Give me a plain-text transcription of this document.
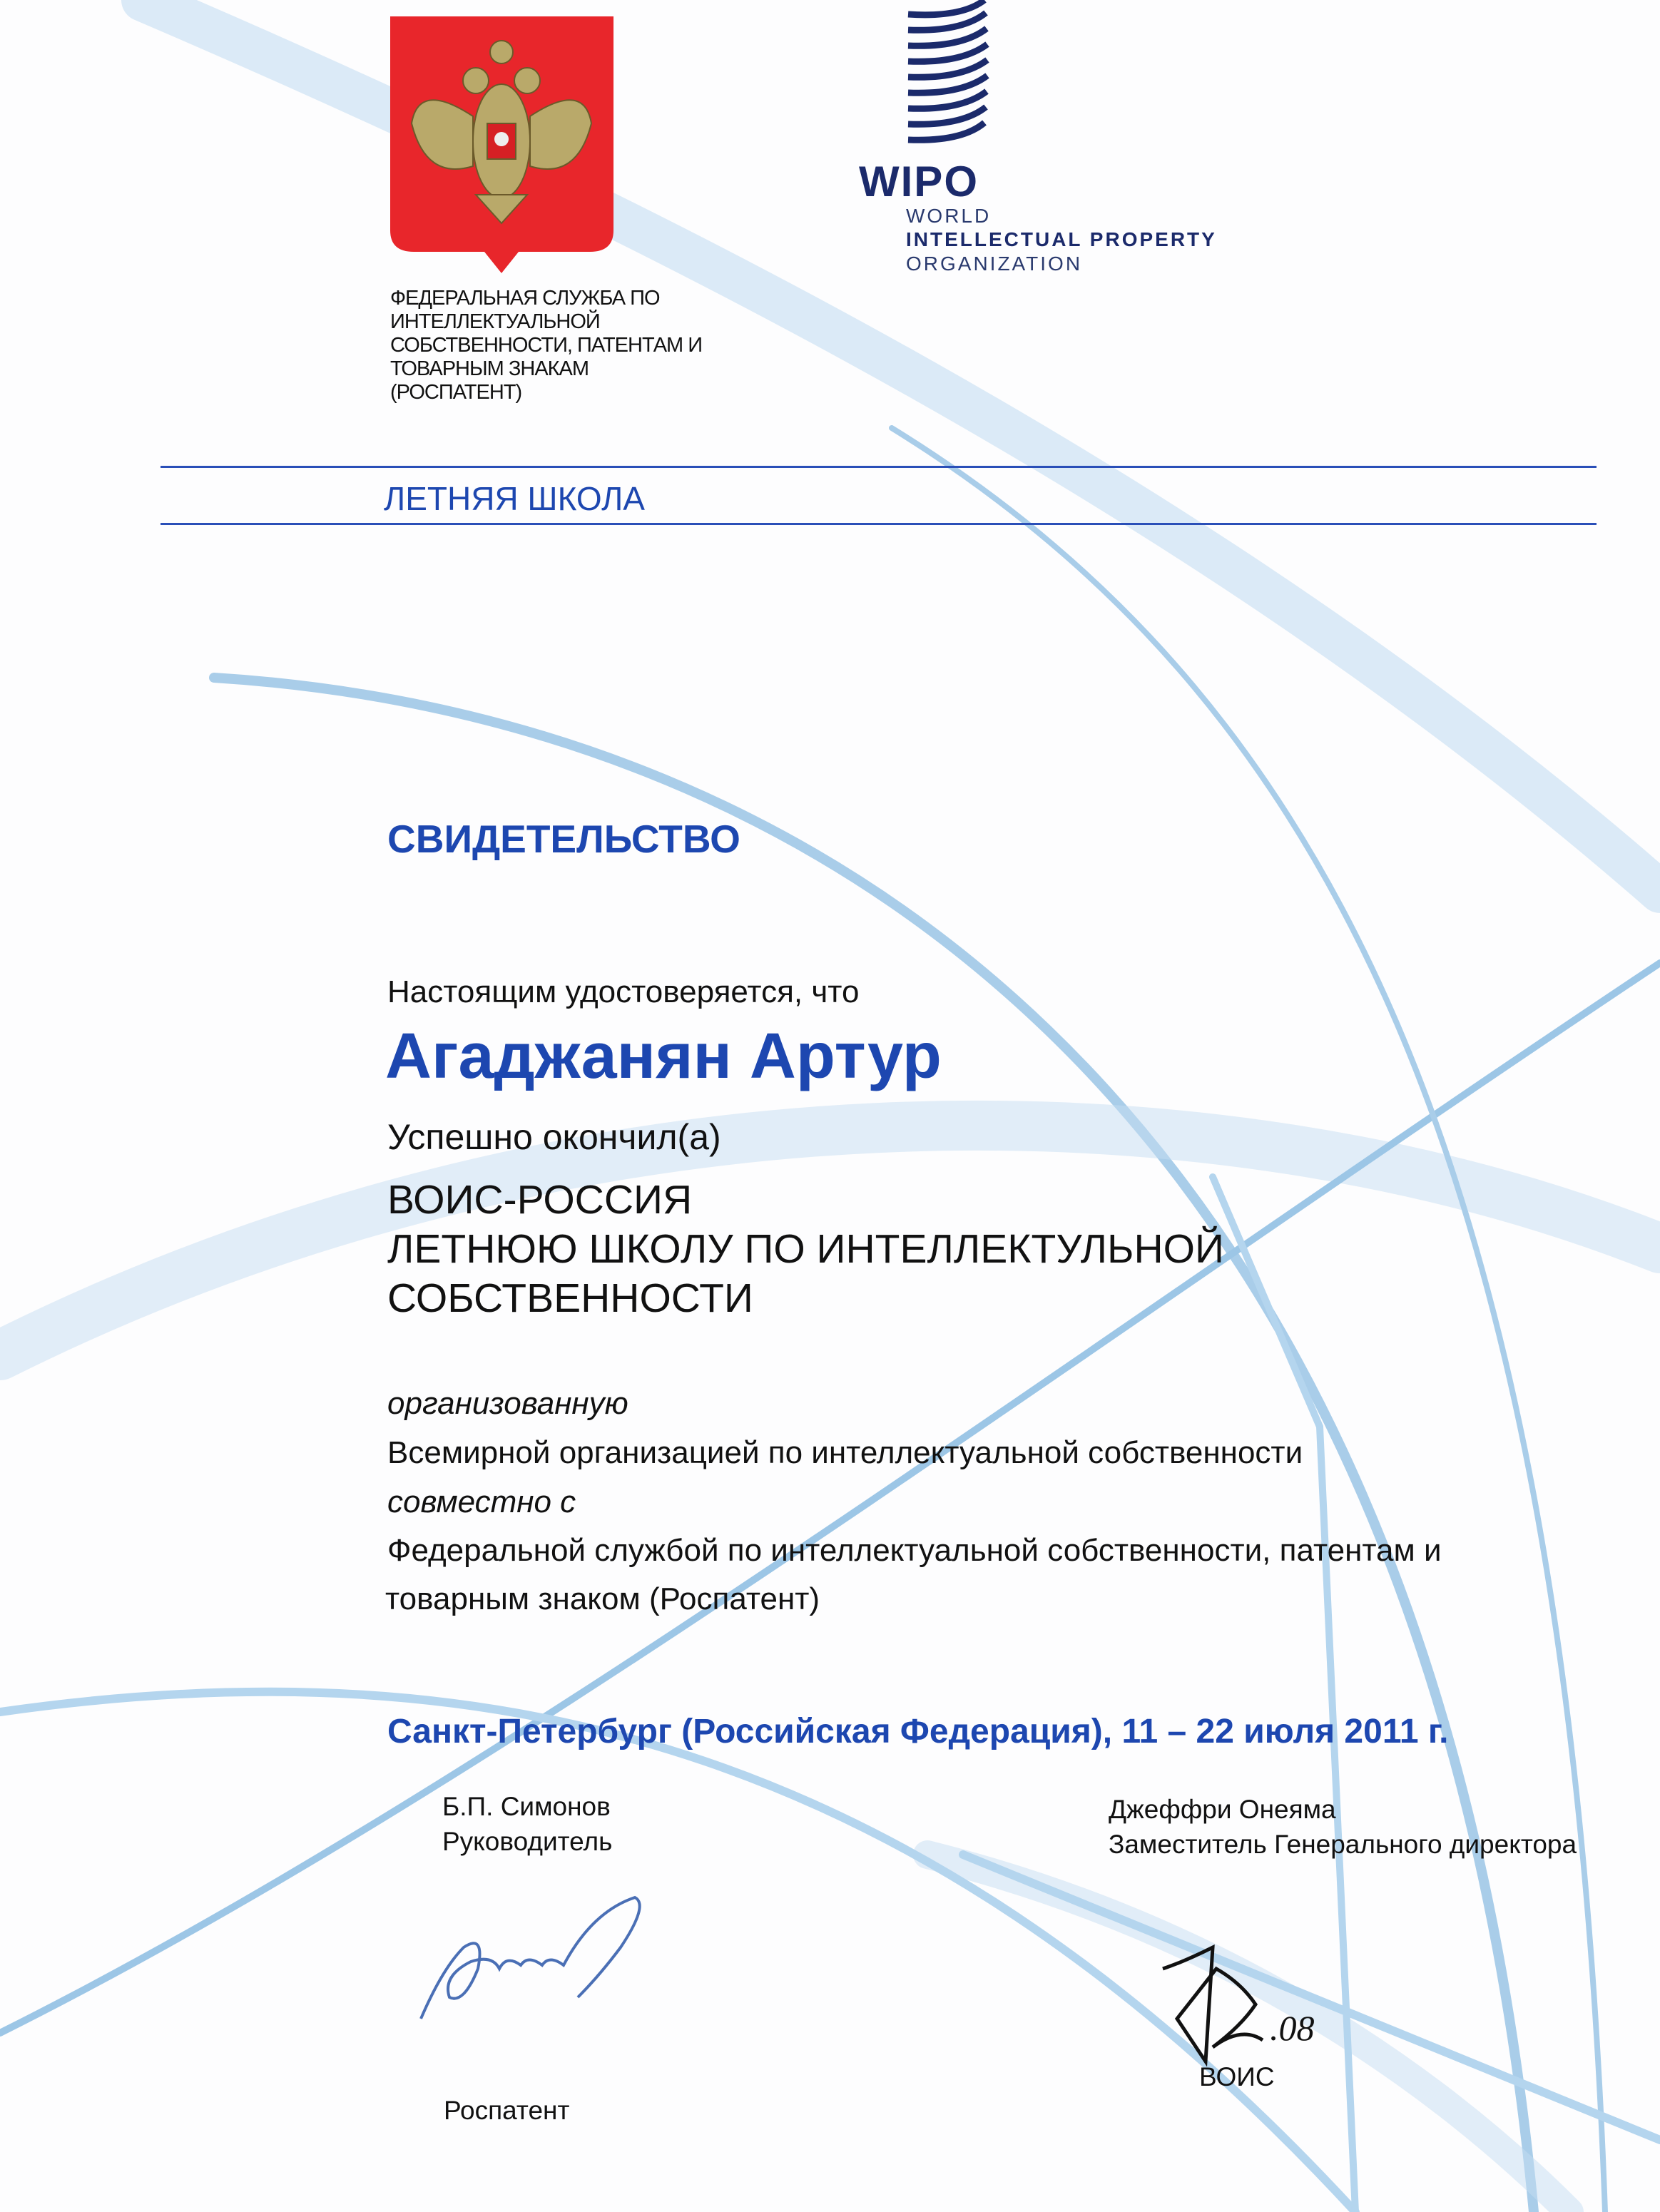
ФЕДЕРАЛЬНАЯ СЛУЖБА ПО
ИНТЕЛЛЕКТУАЛЬНОЙ
СОБСТВЕННОСТИ, ПАТЕНТАМ И
ТОВАРНЫМ ЗНАКАМ
(РОСПАТЕНТ)
WIPO
WORLD
INTELLECTUAL PROPERTY
ORGANIZATION
ЛЕТНЯЯ ШКОЛА
СВИДЕТЕЛЬСТВО
Настоящим удостоверяется, что
Агаджанян Артур
Успешно окончил(а)
ВОИС-РОССИЯ
ЛЕТНЮЮ ШКОЛУ ПО ИНТЕЛЛЕКТУЛЬНОЙ
СОБСТВЕННОСТИ
организованную
Всемирной организацией по интеллектуальной собственности
совместно с
Федеральной службой по интеллектуальной собственности, патентам и
товарным знаком (Роспатент)
Санкт-Петербург (Российская Федерация), 11 – 22 июля 2011 г.
Б.П. Симонов
Руководитель
Роспатент
Джеффри Онеяма
Заместитель Генерального директора
.08
ВОИС
